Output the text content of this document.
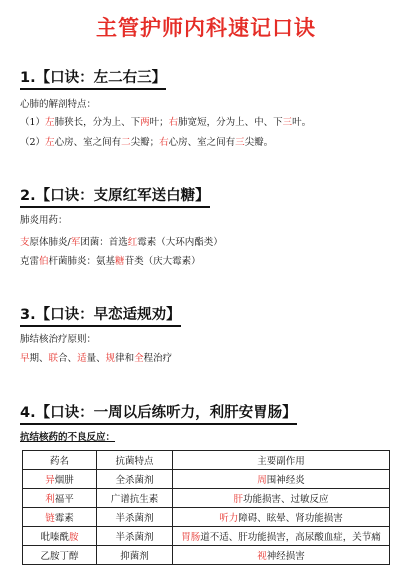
主管护师内科速记口诀
1.【口诀：左二右三】
心肺的解剖特点：
（1）左肺狭长，分为上、下两叶；右肺宽短，分为上、中、下三叶。
（2）左心房、室之间有二尖瓣；右心房、室之间有三尖瓣。
2.【口诀：支原红军送白糖】
肺炎用药：
支原体肺炎/军团菌：首选红霉素（大环内酯类）
克雷伯杆菌肺炎：氨基糖苷类（庆大霉素）
3.【口诀：早恋适规劝】
肺结核治疗原则：
早期、联合、适量、规律和全程治疗
4.【口诀：一周以后练听力，利肝安胃肠】
抗结核药的不良反应：
药名	抗菌特点	主要副作用
异烟肼	全杀菌剂	周围神经炎
利福平	广谱抗生素	肝功能损害、过敏反应
链霉素	半杀菌剂	听力障碍、眩晕、肾功能损害
吡嗪酰胺	半杀菌剂	胃肠道不适、肝功能损害，高尿酸血症，关节痛
乙胺丁醇	抑菌剂	视神经损害
